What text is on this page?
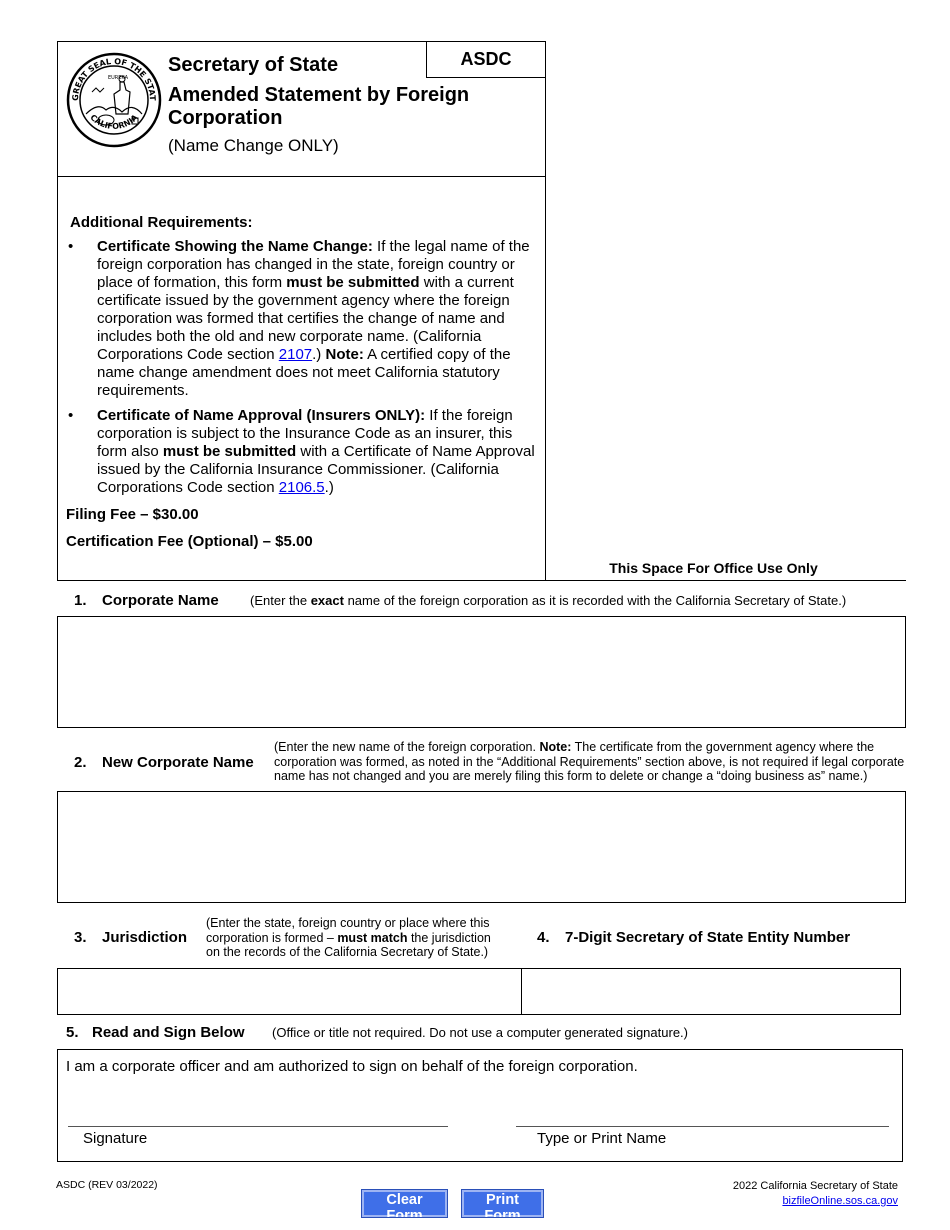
ASDC
GREAT SEAL OF THE STAT
CALIFORNIA
EUREKA
Secretary of State
Amended Statement by Foreign Corporation
(Name Change ONLY)
Additional Requirements:
• Certificate Showing the Name Change: If the legal name of the foreign corporation has changed in the state, foreign country or place of formation, this form must be submitted with a current certificate issued by the government agency where the foreign corporation was formed that certifies the change of name and includes both the old and new corporate name. (California Corporations Code section 2107.) Note: A certified copy of the name change amendment does not meet California statutory requirements.
• Certificate of Name Approval (Insurers ONLY): If the foreign corporation is subject to the Insurance Code as an insurer, this form also must be submitted with a Certificate of Name Approval issued by the California Insurance Commissioner. (California Corporations Code section 2106.5.)
Filing Fee – $30.00
Certification Fee (Optional) – $5.00
This Space For Office Use Only
1. Corporate Name (Enter the exact name of the foreign corporation as it is recorded with the California Secretary of State.)
2. New Corporate Name
(Enter the new name of the foreign corporation. Note: The certificate from the government agency where the corporation was formed, as noted in the “Additional Requirements” section above, is not required if legal corporate name has not changed and you are merely filing this form to delete or change a “doing business as” name.)
3. Jurisdiction
(Enter the state, foreign country or place where this corporation is formed – must match the jurisdiction on the records of the California Secretary of State.)
4. 7-Digit Secretary of State Entity Number
5. Read and Sign Below (Office or title not required. Do not use a computer generated signature.)
I am a corporate officer and am authorized to sign on behalf of the foreign corporation.
Signature	Type or Print Name
ASDC (REV 03/2022)	2022 California Secretary of State
bizfileOnline.sos.ca.gov
Clear Form
Print Form
